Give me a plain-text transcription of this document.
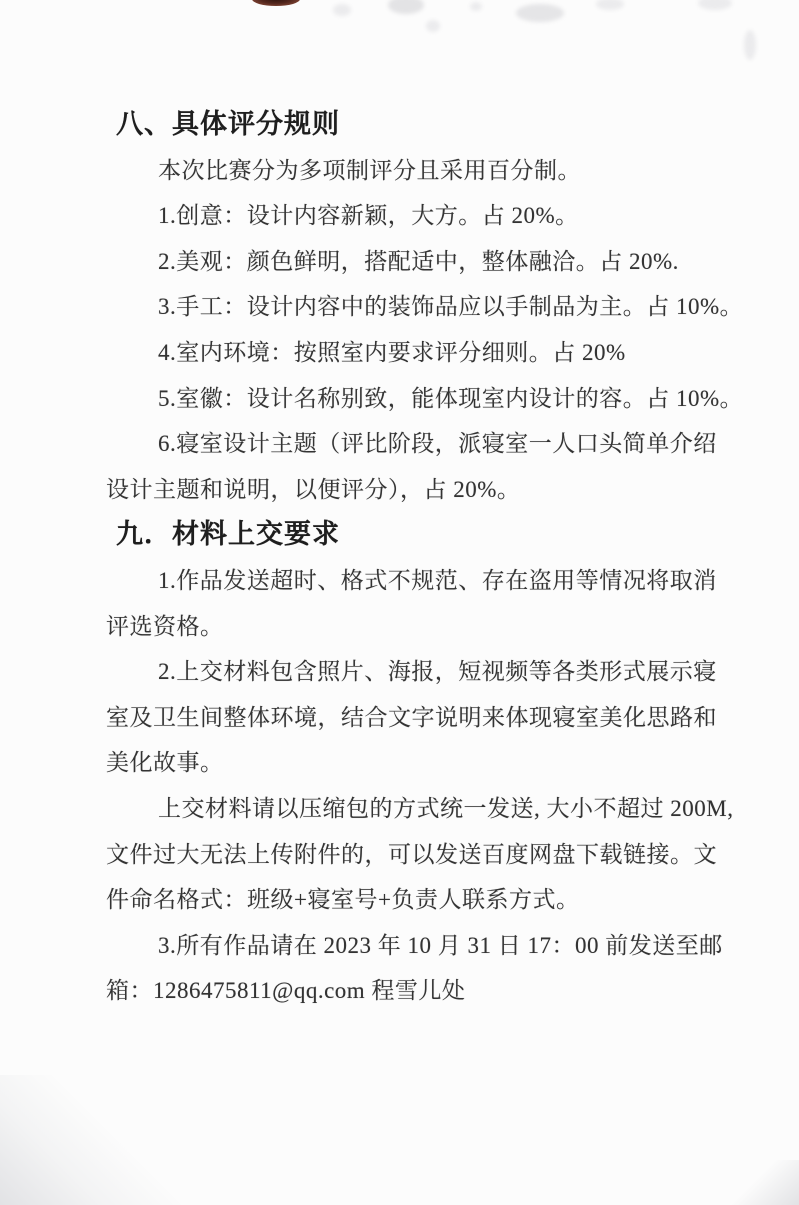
八、具体评分规则
本次比赛分为多项制评分且采用百分制。
1.创意：设计内容新颖，大方。占 20%。
2.美观：颜色鲜明，搭配适中，整体融洽。占 20%.
3.手工：设计内容中的装饰品应以手制品为主。占 10%。
4.室内环境：按照室内要求评分细则。占 20%
5.室徽：设计名称别致，能体现室内设计的容。占 10%。
6.寝室设计主题（评比阶段，派寝室一人口头简单介绍
设计主题和说明，以便评分），占 20%。
九．材料上交要求
1.作品发送超时、格式不规范、存在盗用等情况将取消
评选资格。
2.上交材料包含照片、海报，短视频等各类形式展示寝
室及卫生间整体环境，结合文字说明来体现寝室美化思路和
美化故事。
上交材料请以压缩包的方式统一发送, 大小不超过 200M,
文件过大无法上传附件的，可以发送百度网盘下载链接。文
件命名格式：班级+寝室号+负责人联系方式。
3.所有作品请在 2023 年 10 月 31 日 17：00 前发送至邮
箱：1286475811@qq.com 程雪儿处
